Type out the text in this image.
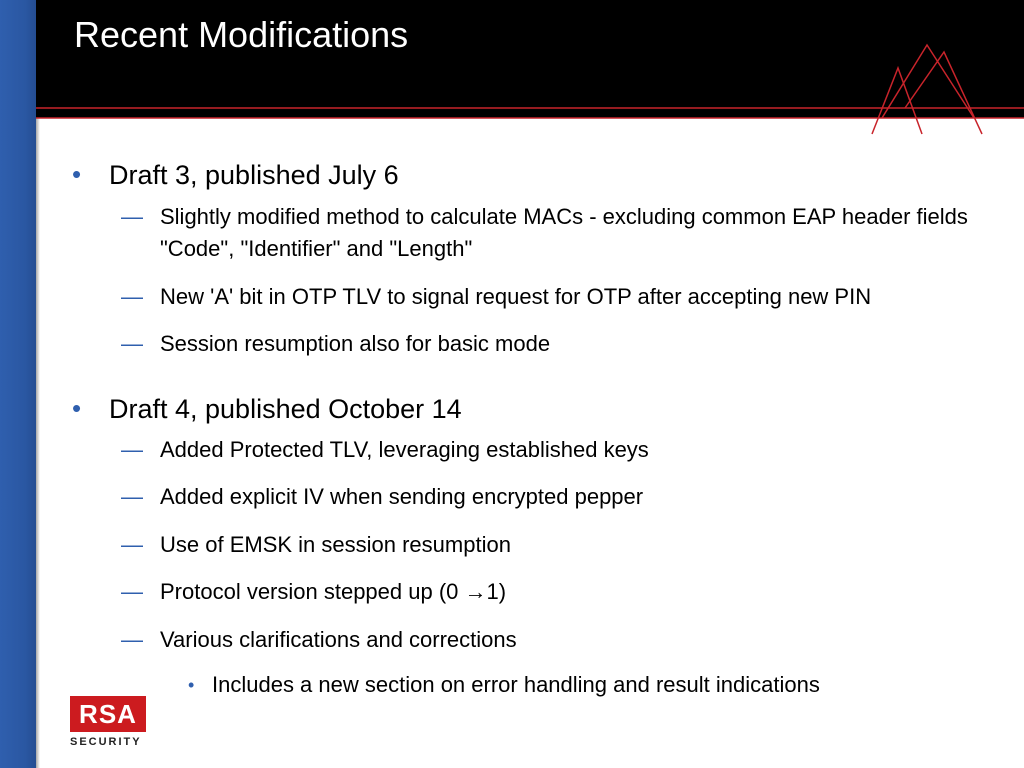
Recent Modifications
• Draft 3, published July 6
— Slightly modified method to calculate MACs - excluding common EAP header fields "Code", "Identifier" and "Length"
— New 'A' bit in OTP TLV to signal request for OTP after accepting new PIN
— Session resumption also for basic mode
• Draft 4, published October 14
— Added Protected TLV, leveraging established keys
— Added explicit IV when sending encrypted pepper
— Use of EMSK in session resumption
— Protocol version stepped up (0 →1)
— Various clarifications and corrections
• Includes a new section on error handling and result indications
RSA
SECURITY
